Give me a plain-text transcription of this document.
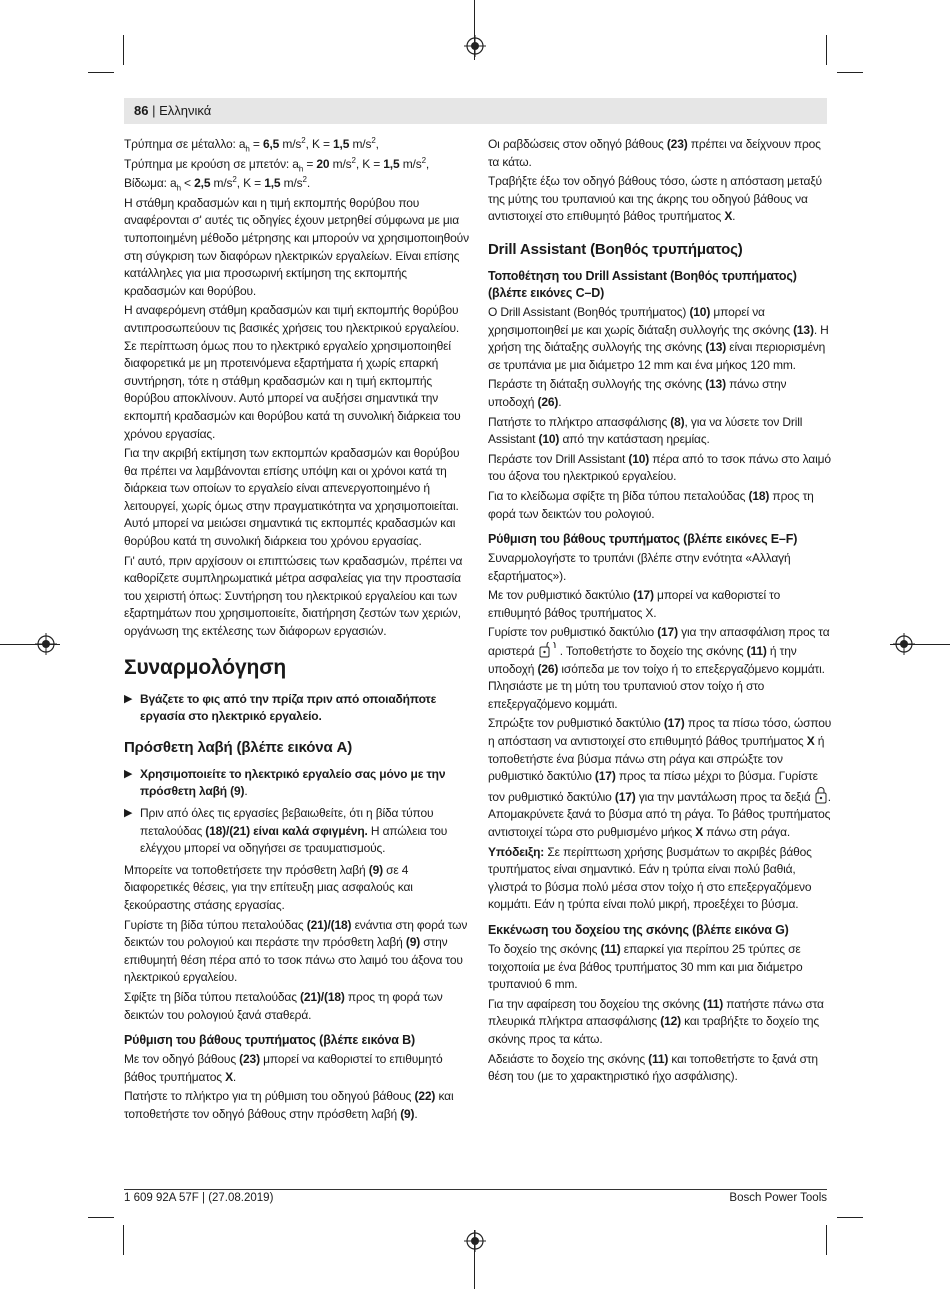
86 | Ελληνικά

Τρύπημα σε μέταλλο: $a_h = 6,5$ $m/s^2$, K = 1,5 $m/s^2$,

Τρύπημα με κρούση σε μπετόν: $a_h = 20$ $m/s^2$, K = 1,5 $m/s^2$,

Βίδωμα: $a_h < 2,5$ $m/s^2$, K = 1,5 $m/s^2$.

Η στάθμη κραδασμών και η τιμή εκπομπής θορύβου που αναφέρονται σ' αυτές τις οδηγίες έχουν μετρηθεί σύμφωνα με μια τυποποιημένη μέθοδο μέτρησης και μπορούν να χρησιμοποιηθούν στη σύγκριση των διαφόρων ηλεκτρικών εργαλείων. Είναι επίσης κατάλληλες για μια προσωρινή εκτίμηση της εκπομπής κραδασμών και θορύβου.

Η αναφερόμενη στάθμη κραδασμών και τιμή εκπομπής θορύβου αντιπροσωπεύουν τις βασικές χρήσεις του ηλεκτρικού εργαλείου. Σε περίπτωση όμως που το ηλεκτρικό εργαλείο χρησιμοποιηθεί διαφορετικά με μη προτεινόμενα εξαρτήματα ή χωρίς επαρκή συντήρηση, τότε η στάθμη κραδασμών και η τιμή εκπομπής θορύβου αποκλίνουν. Αυτό μπορεί να αυξήσει σημαντικά την εκπομπή κραδασμών και θορύβου κατά τη συνολική διάρκεια του χρόνου εργασίας.

Για την ακριβή εκτίμηση των εκπομπών κραδασμών και θορύβου θα πρέπει να λαμβάνονται επίσης υπόψη και οι χρόνοι κατά τη διάρκεια των οποίων το εργαλείο είναι απενεργοποιημένο ή λειτουργεί, χωρίς όμως στην πραγματικότητα να χρησιμοποιείται. Αυτό μπορεί να μειώσει σημαντικά τις εκπομπές κραδασμών και θορύβου κατά τη συνολική διάρκεια του χρόνου εργασίας.

Γι' αυτό, πριν αρχίσουν οι επιπτώσεις των κραδασμών, πρέπει να καθορίζετε συμπληρωματικά μέτρα ασφαλείας για την προστασία του χειριστή όπως: Συντήρηση του ηλεκτρικού εργαλείου και των εξαρτημάτων που χρησιμοποιείτε, διατήρηση ζεστών των χεριών, οργάνωση της εκτέλεσης των διάφορων εργασιών.

Συναρμολόγηση
▶ Βγάζετε το φις από την πρίζα πριν από οποιαδήποτε εργασία στο ηλεκτρικό εργαλείο.
Πρόσθετη λαβή (βλέπε εικόνα A)
▶ Χρησιμοποιείτε το ηλεκτρικό εργαλείο σας μόνο με την πρόσθετη λαβή (9).
▶ Πριν από όλες τις εργασίες βεβαιωθείτε, ότι η βίδα τύπου πεταλούδας (18)/(21) είναι καλά σφιγμένη. Η απώλεια του ελέγχου μπορεί να οδηγήσει σε τραυματισμούς.

Μπορείτε να τοποθετήσετε την πρόσθετη λαβή (9) σε 4 διαφορετικές θέσεις, για την επίτευξη μιας ασφαλούς και ξεκούραστης στάσης εργασίας.

Γυρίστε τη βίδα τύπου πεταλούδας (21)/(18) ενάντια στη φορά των δεικτών του ρολογιού και περάστε την πρόσθετη λαβή (9) στην επιθυμητή θέση πέρα από το τσοκ πάνω στο λαιμό του άξονα του ηλεκτρικού εργαλείου.

Σφίξτε τη βίδα τύπου πεταλούδας (21)/(18) προς τη φορά των δεικτών του ρολογιού ξανά σταθερά.

Ρύθμιση του βάθους τρυπήματος (βλέπε εικόνα B)

Με τον οδηγό βάθους (23) μπορεί να καθοριστεί το επιθυμητό βάθος τρυπήματος X.

Πατήστε το πλήκτρο για τη ρύθμιση του οδηγού βάθους (22) και τοποθετήστε τον οδηγό βάθους στην πρόσθετη λαβή (9).

Οι ραβδώσεις στον οδηγό βάθους (23) πρέπει να δείχνουν προς τα κάτω.

Τραβήξτε έξω τον οδηγό βάθους τόσο, ώστε η απόσταση μεταξύ της μύτης του τρυπανιού και της άκρης του οδηγού βάθους να αντιστοιχεί στο επιθυμητό βάθος τρυπήματος X.

Drill Assistant (Βοηθός τρυπήματος)
Τοποθέτηση του Drill Assistant (Βοηθός τρυπήματος) (βλέπε εικόνες C–D)

Ο Drill Assistant (Βοηθός τρυπήματος) (10) μπορεί να χρησιμοποιηθεί με και χωρίς διάταξη συλλογής της σκόνης (13). Η χρήση της διάταξης συλλογής της σκόνης (13) είναι περιορισμένη σε τρυπάνια με μια διάμετρο 12 mm και ένα μήκος 120 mm.

Περάστε τη διάταξη συλλογής της σκόνης (13) πάνω στην υποδοχή (26).

Πατήστε το πλήκτρο απασφάλισης (8), για να λύσετε τον Drill Assistant (10) από την κατάσταση ηρεμίας.

Περάστε τον Drill Assistant (10) πέρα από το τσοκ πάνω στο λαιμό του άξονα του ηλεκτρικού εργαλείου.

Για το κλείδωμα σφίξτε τη βίδα τύπου πεταλούδας (18) προς τη φορά των δεικτών του ρολογιού.

Ρύθμιση του βάθους τρυπήματος (βλέπε εικόνες E–F)

Συναρμολογήστε το τρυπάνι (βλέπε στην ενότητα «Αλλαγή εξαρτήματος»).

Με τον ρυθμιστικό δακτύλιο (17) μπορεί να καθοριστεί το επιθυμητό βάθος τρυπήματος X.

Γυρίστε τον ρυθμιστικό δακτύλιο (17) για την απασφάλιση προς τα αριστερά . Τοποθετήστε το δοχείο της σκόνης (11) ή την υποδοχή (26) ισόπεδα με τον τοίχο ή το επεξεργαζόμενο κομμάτι. Πλησιάστε με τη μύτη του τρυπανιού στον τοίχο ή στο επεξεργαζόμενο κομμάτι.

Σπρώξτε τον ρυθμιστικό δακτύλιο (17) προς τα πίσω τόσο, ώσπου η απόσταση να αντιστοιχεί στο επιθυμητό βάθος τρυπήματος X ή τοποθετήστε ένα βύσμα πάνω στη ράγα και σπρώξτε τον ρυθμιστικό δακτύλιο (17) προς τα πίσω μέχρι το βύσμα. Γυρίστε τον ρυθμιστικό δακτύλιο (17) για την μαντάλωση προς τα δεξιά . Απομακρύνετε ξανά το βύσμα από τη ράγα. Το βάθος τρυπήματος αντιστοιχεί τώρα στο ρυθμισμένο μήκος X πάνω στη ράγα.

Υπόδειξη: Σε περίπτωση χρήσης βυσμάτων το ακριβές βάθος τρυπήματος είναι σημαντικό. Εάν η τρύπα είναι πολύ βαθιά, γλιστρά το βύσμα πολύ μέσα στον τοίχο ή στο επεξεργαζόμενο κομμάτι. Εάν η τρύπα είναι πολύ μικρή, προεξέχει το βύσμα.

Εκκένωση του δοχείου της σκόνης (βλέπε εικόνα G)

Το δοχείο της σκόνης (11) επαρκεί για περίπου 25 τρύπες σε τοιχοποιία με ένα βάθος τρυπήματος 30 mm και μια διάμετρο τρυπανιού 6 mm.

Για την αφαίρεση του δοχείου της σκόνης (11) πατήστε πάνω στα πλευρικά πλήκτρα απασφάλισης (12) και τραβήξτε το δοχείο της σκόνης προς τα κάτω.

Αδειάστε το δοχείο της σκόνης (11) και τοποθετήστε το ξανά στη θέση του (με το χαρακτηριστικό ήχο ασφάλισης).

1 609 92A 57F | (27.08.2019)	Bosch Power Tools
